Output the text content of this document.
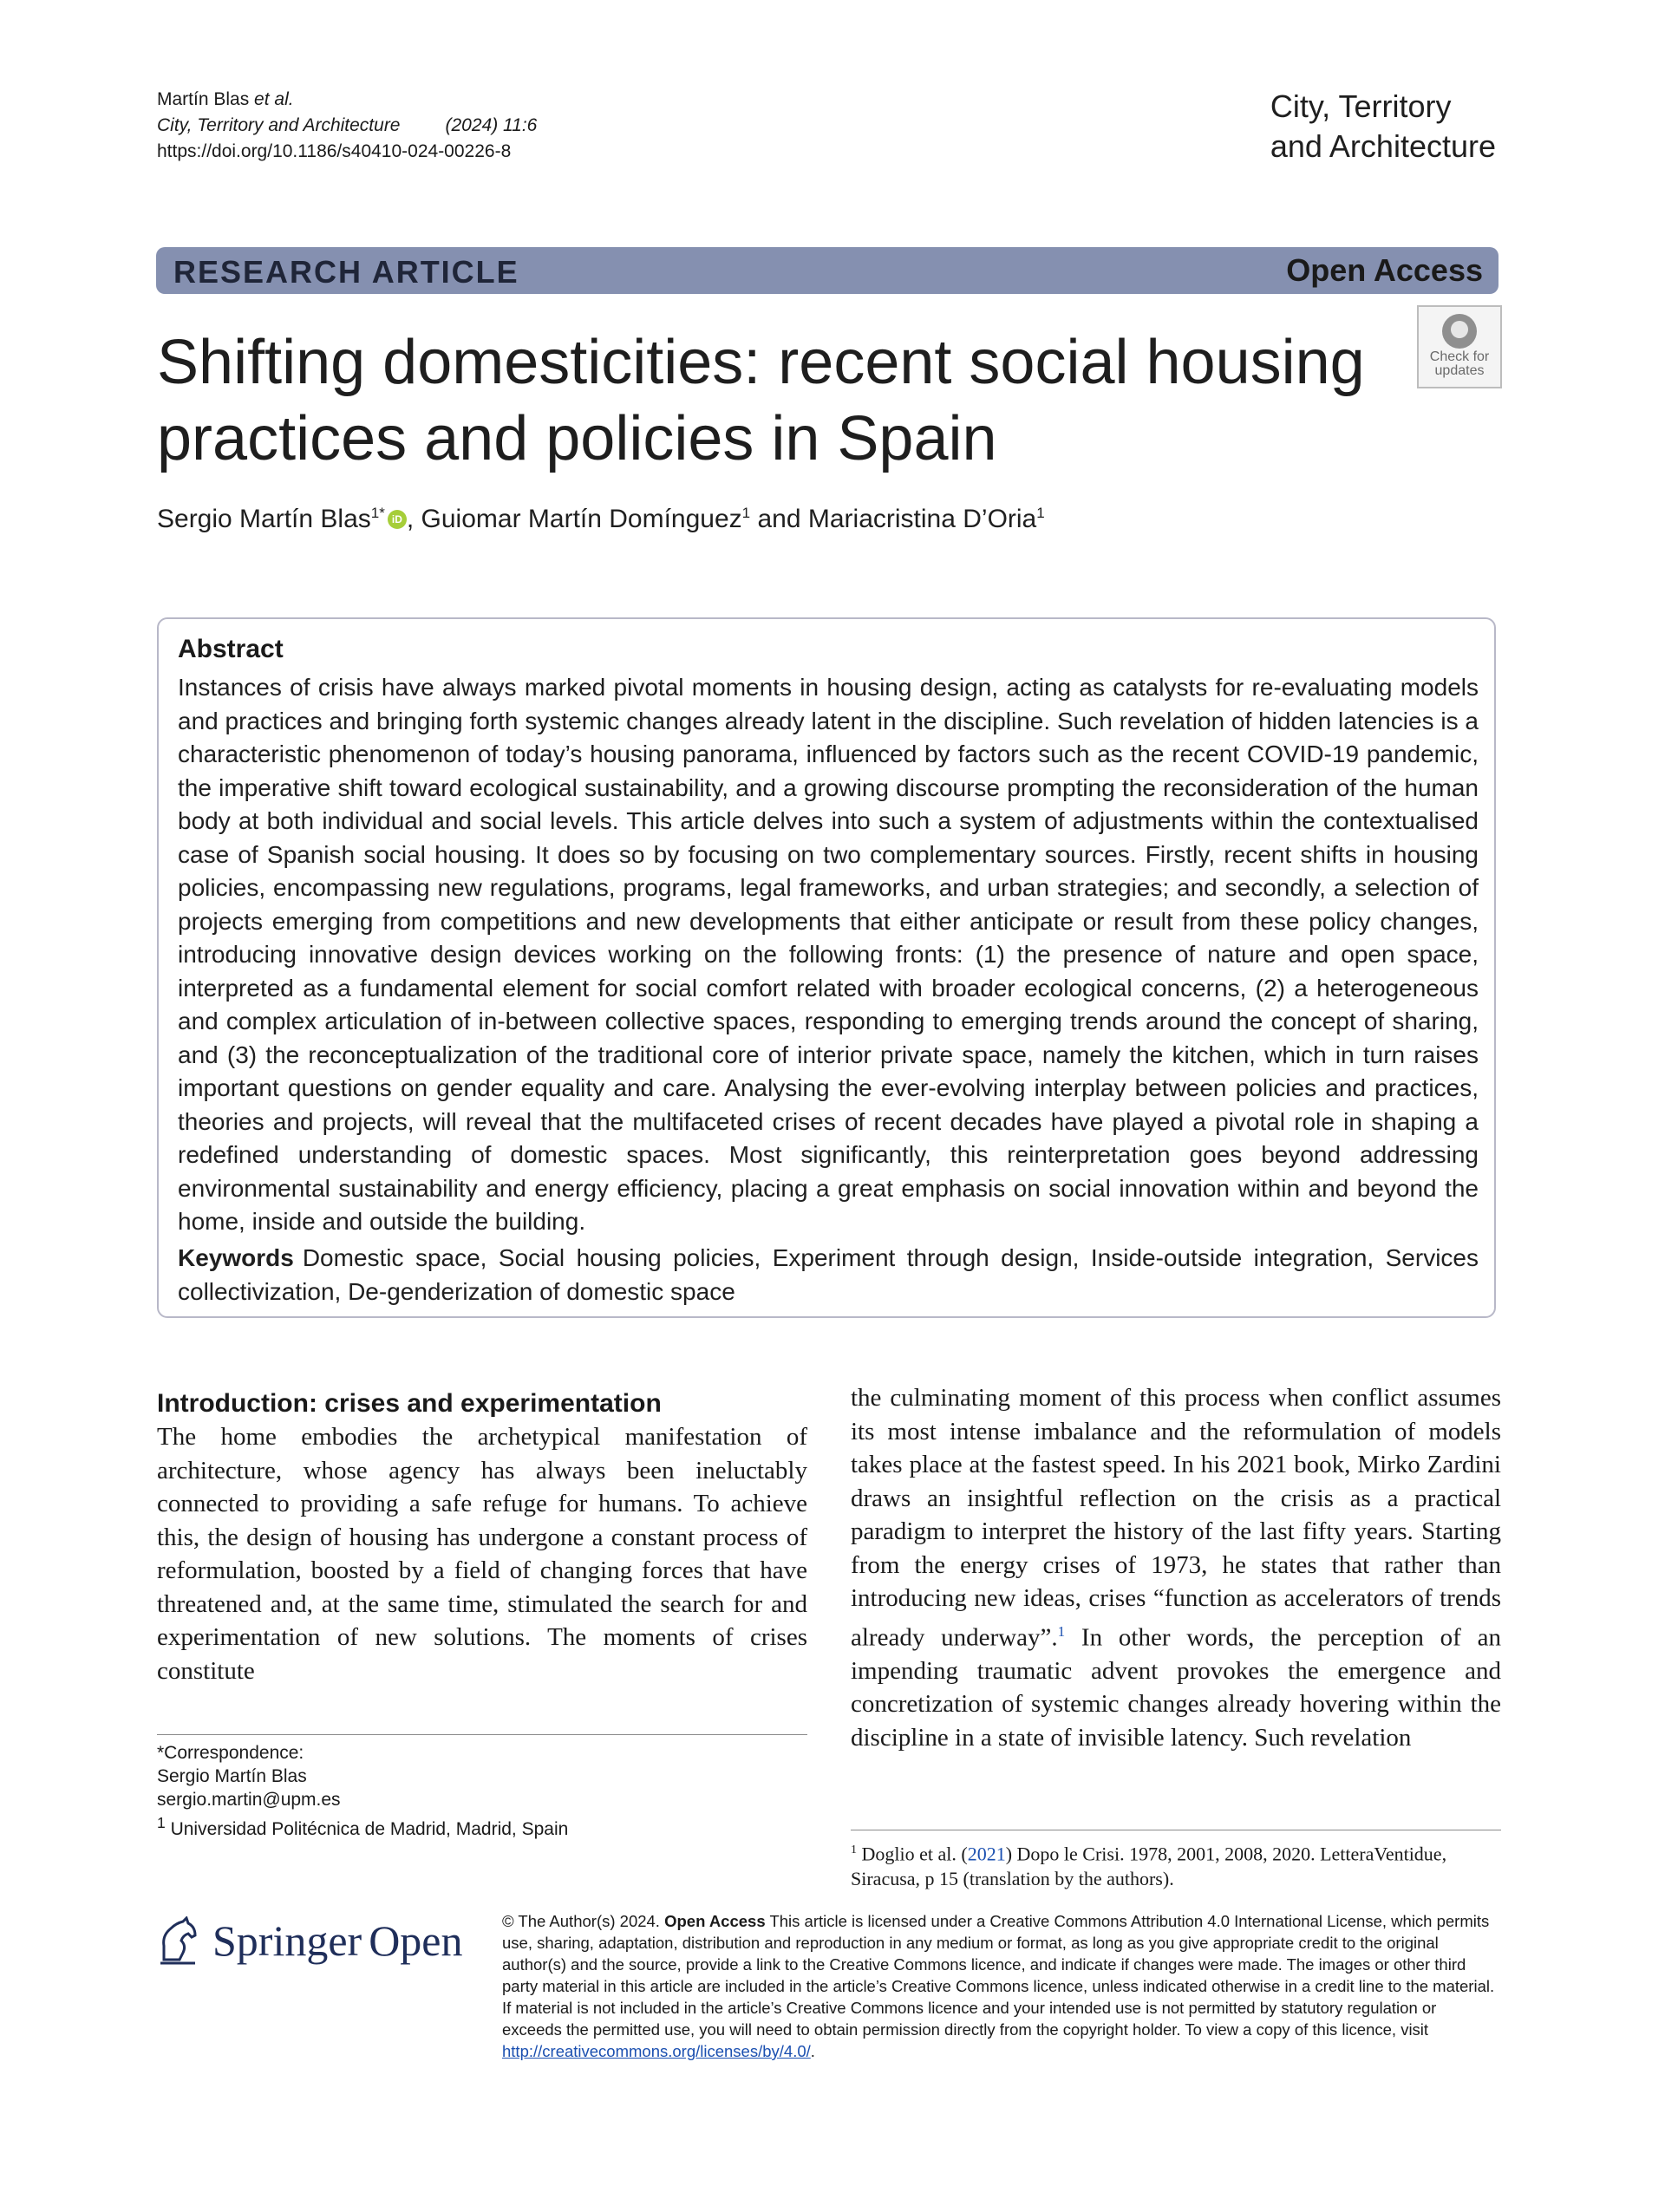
Martín Blas et al.
City, Territory and Architecture (2024) 11:6
https://doi.org/10.1186/s40410-024-00226-8
City, Territory
and Architecture
RESEARCH ARTICLE	Open Access
Shifting domesticities: recent social housing practices and policies in Spain
Check for
updates
Sergio Martín Blas$^{1*}$ iD , Guiomar Martín Domínguez$^1$ and Mariacristina D’Oria$^1$
Abstract
Instances of crisis have always marked pivotal moments in housing design, acting as catalysts for re-evaluating models and practices and bringing forth systemic changes already latent in the discipline. Such revelation of hidden latencies is a characteristic phenomenon of today’s housing panorama, influenced by factors such as the recent COVID-19 pandemic, the imperative shift toward ecological sustainability, and a growing discourse prompting the reconsideration of the human body at both individual and social levels. This article delves into such a system of adjustments within the contextualised case of Spanish social housing. It does so by focusing on two complementary sources. Firstly, recent shifts in housing policies, encompassing new regulations, programs, legal frameworks, and urban strategies; and secondly, a selection of projects emerging from competitions and new developments that either anticipate or result from these policy changes, introducing innovative design devices working on the following fronts: (1) the presence of nature and open space, interpreted as a fundamental element for social comfort related with broader ecological concerns, (2) a heterogeneous and complex articulation of in-between collective spaces, responding to emerging trends around the concept of sharing, and (3) the reconceptualization of the traditional core of interior private space, namely the kitchen, which in turn raises important questions on gender equality and care. Analysing the ever-evolving interplay between policies and practices, theories and projects, will reveal that the multifaceted crises of recent decades have played a pivotal role in shaping a redefined understanding of domestic spaces. Most significantly, this reinterpretation goes beyond addressing environmental sustainability and energy efficiency, placing a great emphasis on social innovation within and beyond the home, inside and outside the building.
Keywords Domestic space, Social housing policies, Experiment through design, Inside-outside integration, Services collectivization, De-genderization of domestic space
Introduction: crises and experimentation
The home embodies the archetypical manifestation of architecture, whose agency has always been ineluctably connected to providing a safe refuge for humans. To achieve this, the design of housing has undergone a constant process of reformulation, boosted by a field of changing forces that have threatened and, at the same time, stimulated the search for and experimentation of new solutions. The moments of crises constitute
*Correspondence:
Sergio Martín Blas
sergio.martin@upm.es
$^1$ Universidad Politécnica de Madrid, Madrid, Spain
the culminating moment of this process when conflict assumes its most intense imbalance and the reformulation of models takes place at the fastest speed. In his 2021 book, Mirko Zardini draws an insightful reflection on the crisis as a practical paradigm to interpret the history of the last fifty years. Starting from the energy crises of 1973, he states that rather than introducing new ideas, crises “function as accelerators of trends already underway”.$^1$ In other words, the perception of an impending traumatic advent provokes the emergence and concretization of systemic changes already hovering within the discipline in a state of invisible latency. Such revelation
$^1$ Doglio et al. (2021) Dopo le Crisi. 1978, 2001, 2008, 2020. LetteraVentidue, Siracusa, p 15 (translation by the authors).
Springer Open © The Author(s) 2024. Open Access This article is licensed under a Creative Commons Attribution 4.0 International License, which permits use, sharing, adaptation, distribution and reproduction in any medium or format, as long as you give appropriate credit to the original author(s) and the source, provide a link to the Creative Commons licence, and indicate if changes were made. The images or other third party material in this article are included in the article’s Creative Commons licence, unless indicated otherwise in a credit line to the material. If material is not included in the article’s Creative Commons licence and your intended use is not permitted by statutory regulation or exceeds the permitted use, you will need to obtain permission directly from the copyright holder. To view a copy of this licence, visit http://creativecommons.org/licenses/by/4.0/.
